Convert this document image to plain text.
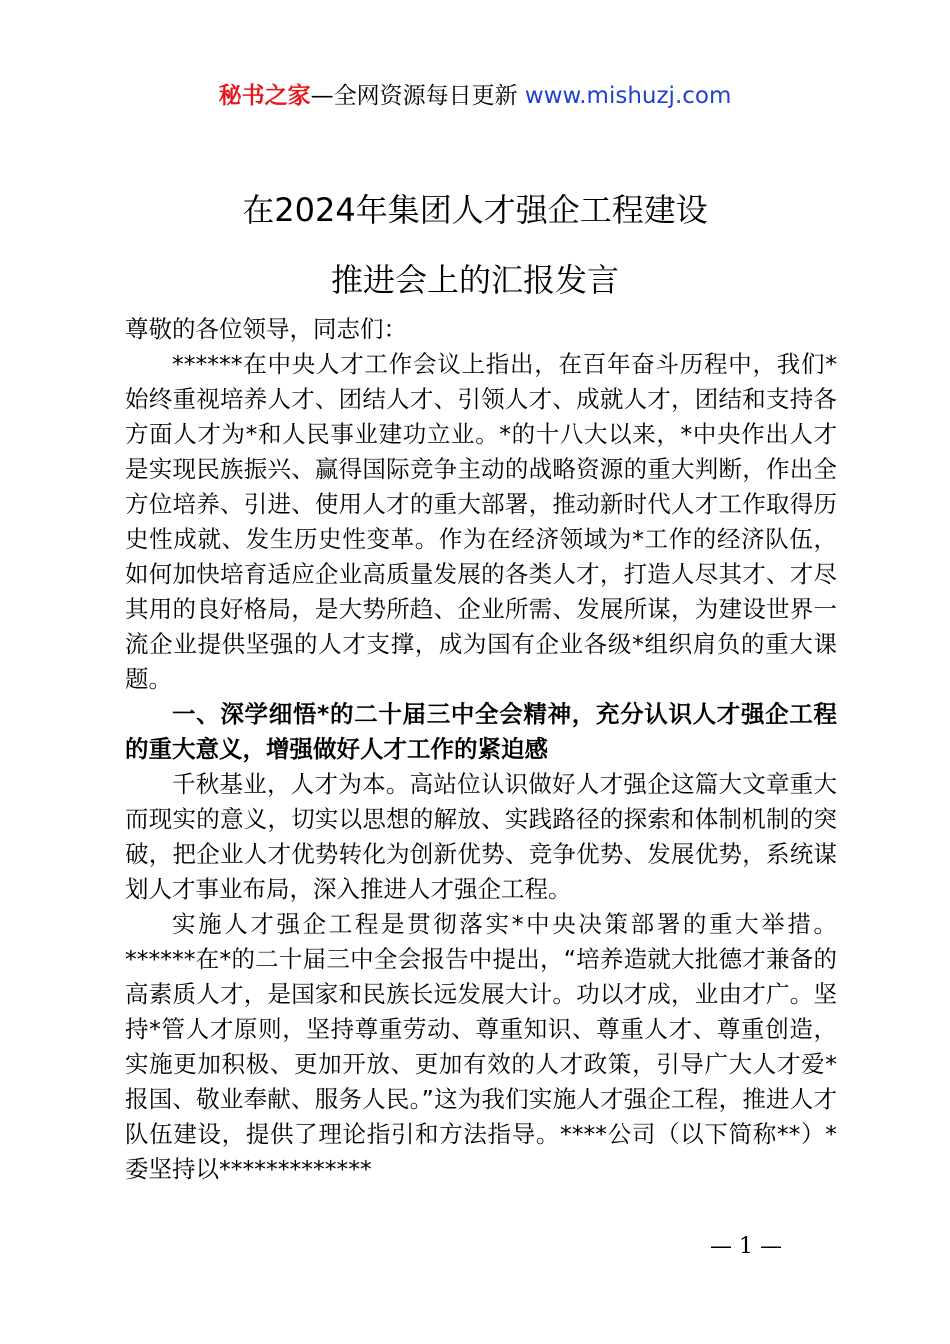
秘书之家—全网资源每日更新 www.mishuzj.com
在2024年集团人才强企工程建设
推进会上的汇报发言

尊敬的各位领导，同志们：

******在中央人才工作会议上指出，在百年奋斗历程中，我们*始终重视培养人才、团结人才、引领人才、成就人才，团结和支持各方面人才为*和人民事业建功立业。*的十八大以来，*中央作出人才是实现民族振兴、赢得国际竞争主动的战略资源的重大判断，作出全方位培养、引进、使用人才的重大部署，推动新时代人才工作取得历史性成就、发生历史性变革。作为在经济领域为*工作的经济队伍，如何加快培育适应企业高质量发展的各类人才，打造人尽其才、才尽其用的良好格局，是大势所趋、企业所需、发展所谋，为建设世界一流企业提供坚强的人才支撑，成为国有企业各级*组织肩负的重大课题。

一、深学细悟*的二十届三中全会精神，充分认识人才强企工程的重大意义，增强做好人才工作的紧迫感

千秋基业，人才为本。高站位认识做好人才强企这篇大文章重大而现实的意义，切实以思想的解放、实践路径的探索和体制机制的突破，把企业人才优势转化为创新优势、竞争优势、发展优势，系统谋划人才事业布局，深入推进人才强企工程。

实施人才强企工程是贯彻落实*中央决策部署的重大举措。******在*的二十届三中全会报告中提出，“培养造就大批德才兼备的高素质人才，是国家和民族长远发展大计。功以才成，业由才广。坚持*管人才原则，坚持尊重劳动、尊重知识、尊重人才、尊重创造，实施更加积极、更加开放、更加有效的人才政策，引导广大人才爱*报国、敬业奉献、服务人民。”这为我们实施人才强企工程，推进人才队伍建设，提供了理论指引和方法指导。****公司（以下简称**）*委坚持以*************

— 1 —
